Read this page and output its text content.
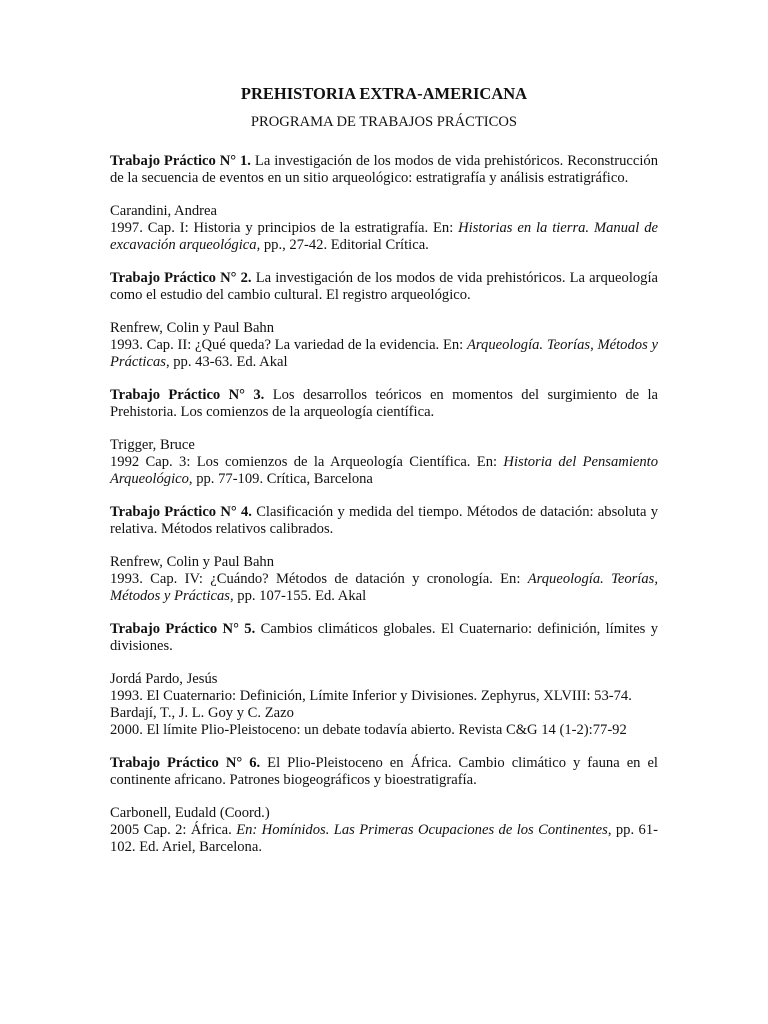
PREHISTORIA EXTRA-AMERICANA

PROGRAMA DE TRABAJOS PRÁCTICOS

Trabajo Práctico N° 1. La investigación de los modos de vida prehistóricos. Reconstrucción de la secuencia de eventos en un sitio arqueológico: estratigrafía y análisis estratigráfico.

Carandini, Andrea
1997. Cap. I: Historia y principios de la estratigrafía. En: Historias en la tierra. Manual de excavación arqueológica, pp., 27-42. Editorial Crítica.

Trabajo Práctico N° 2. La investigación de los modos de vida prehistóricos. La arqueología como el estudio del cambio cultural. El registro arqueológico.

Renfrew, Colin y Paul Bahn
1993. Cap. II: ¿Qué queda? La variedad de la evidencia. En: Arqueología. Teorías, Métodos y Prácticas, pp. 43-63. Ed. Akal

Trabajo Práctico N° 3. Los desarrollos teóricos en momentos del surgimiento de la Prehistoria. Los comienzos de la arqueología científica.

Trigger, Bruce
1992 Cap. 3: Los comienzos de la Arqueología Científica. En: Historia del Pensamiento Arqueológico, pp. 77-109. Crítica, Barcelona

Trabajo Práctico N° 4. Clasificación y medida del tiempo. Métodos de datación: absoluta y relativa. Métodos relativos calibrados.

Renfrew, Colin y Paul Bahn
1993. Cap. IV: ¿Cuándo? Métodos de datación y cronología. En: Arqueología. Teorías, Métodos y Prácticas, pp. 107-155. Ed. Akal

Trabajo Práctico N° 5. Cambios climáticos globales. El Cuaternario: definición, límites y divisiones.

Jordá Pardo, Jesús
1993. El Cuaternario: Definición, Límite Inferior y Divisiones. Zephyrus, XLVIII: 53-74.
Bardají, T., J. L. Goy y C. Zazo
2000. El límite Plio-Pleistoceno: un debate todavía abierto. Revista C&G 14 (1-2):77-92

Trabajo Práctico N° 6. El Plio-Pleistoceno en África. Cambio climático y fauna en el continente africano. Patrones biogeográficos y bioestratigrafía.

Carbonell, Eudald (Coord.)
2005 Cap. 2: África. En: Homínidos. Las Primeras Ocupaciones de los Continentes, pp. 61-102. Ed. Ariel, Barcelona.
